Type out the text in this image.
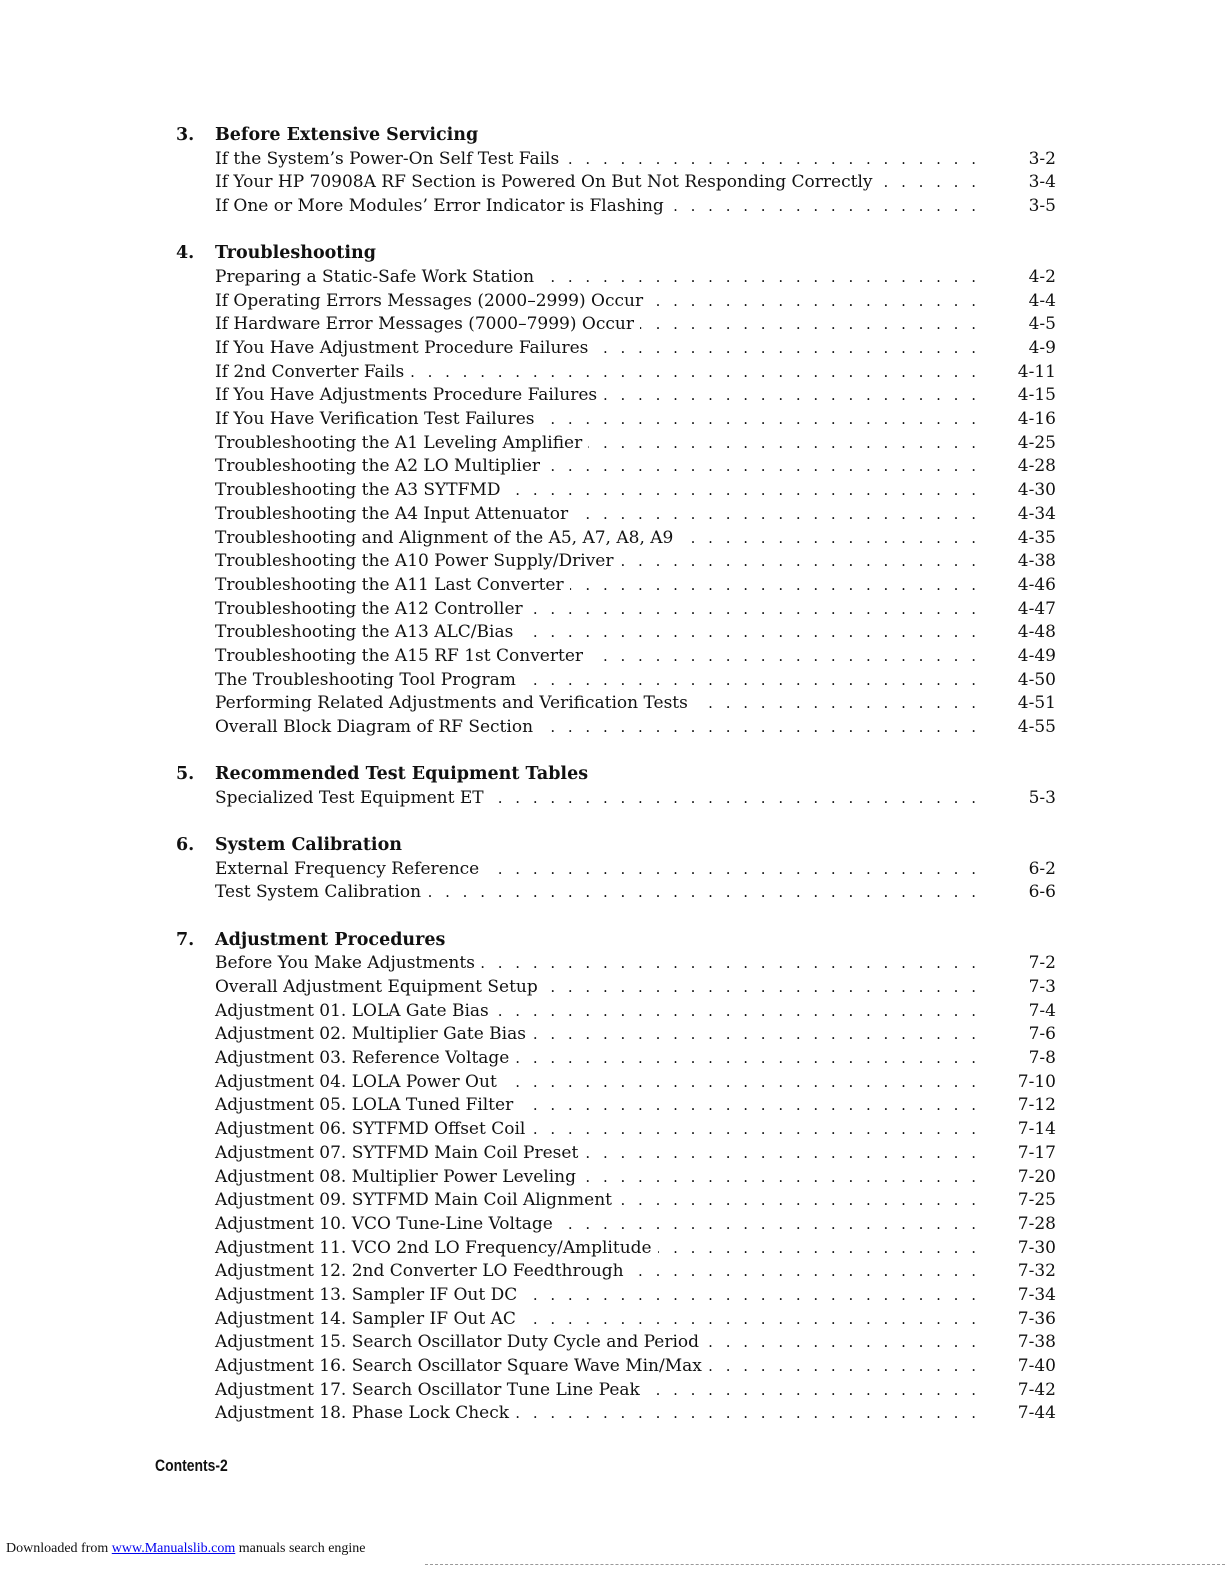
3.	Before Extensive Servicing
. . .
If the System’s Power-On Self Test Fails	3-2
. . .
If Your HP 70908A RF Section is Powered On But Not Responding Correctly	3-4
. . .
If One or More Modules’ Error Indicator is Flashing	3-5
4.	Troubleshooting
. . .
Preparing a Static-Safe Work Station	4-2
. . .
If Operating Errors Messages (2000–2999) Occur	4-4
. . .
If Hardware Error Messages (7000–7999) Occur	4-5
. . .
If You Have Adjustment Procedure Failures	4-9
. . .
If 2nd Converter Fails	4-11
. . .
If You Have Adjustments Procedure Failures	4-15
. . .
If You Have Verification Test Failures	4-16
. . .
Troubleshooting the A1 Leveling Amplifier	4-25
. . .
Troubleshooting the A2 LO Multiplier	4-28
. . .
Troubleshooting the A3 SYTFMD	4-30
. . .
Troubleshooting the A4 Input Attenuator	4-34
. . .
Troubleshooting and Alignment of the A5, A7, A8, A9	4-35
. . .
Troubleshooting the A10 Power Supply/Driver	4-38
. . .
Troubleshooting the A11 Last Converter	4-46
. . .
Troubleshooting the A12 Controller	4-47
. . .
Troubleshooting the A13 ALC/Bias	4-48
. . .
Troubleshooting the A15 RF 1st Converter	4-49
. . .
The Troubleshooting Tool Program	4-50
. . .
Performing Related Adjustments and Verification Tests	4-51
. . .
Overall Block Diagram of RF Section	4-55
5.	Recommended Test Equipment Tables
. . .
Specialized Test Equipment ET	5-3
6.	System Calibration
. . .
External Frequency Reference	6-2
. . .
Test System Calibration	6-6
7.	Adjustment Procedures
. . .
Before You Make Adjustments	7-2
. . .
Overall Adjustment Equipment Setup	7-3
. . .
Adjustment 01. LOLA Gate Bias	7-4
. . .
Adjustment 02. Multiplier Gate Bias	7-6
. . .
Adjustment 03. Reference Voltage	7-8
. . .
Adjustment 04. LOLA Power Out	7-10
. . .
Adjustment 05. LOLA Tuned Filter	7-12
. . .
Adjustment 06. SYTFMD Offset Coil	7-14
. . .
Adjustment 07. SYTFMD Main Coil Preset	7-17
. . .
Adjustment 08. Multiplier Power Leveling	7-20
. . .
Adjustment 09. SYTFMD Main Coil Alignment	7-25
. . .
Adjustment 10. VCO Tune-Line Voltage	7-28
. . .
Adjustment 11. VCO 2nd LO Frequency/Amplitude	7-30
. . .
Adjustment 12. 2nd Converter LO Feedthrough	7-32
. . .
Adjustment 13. Sampler IF Out DC	7-34
. . .
Adjustment 14. Sampler IF Out AC	7-36
. . .
Adjustment 15. Search Oscillator Duty Cycle and Period	7-38
. . .
Adjustment 16. Search Oscillator Square Wave Min/Max	7-40
. . .
Adjustment 17. Search Oscillator Tune Line Peak	7-42
. . .
Adjustment 18. Phase Lock Check	7-44
Contents-2
Downloaded from www.Manualslib.com manuals search engine
